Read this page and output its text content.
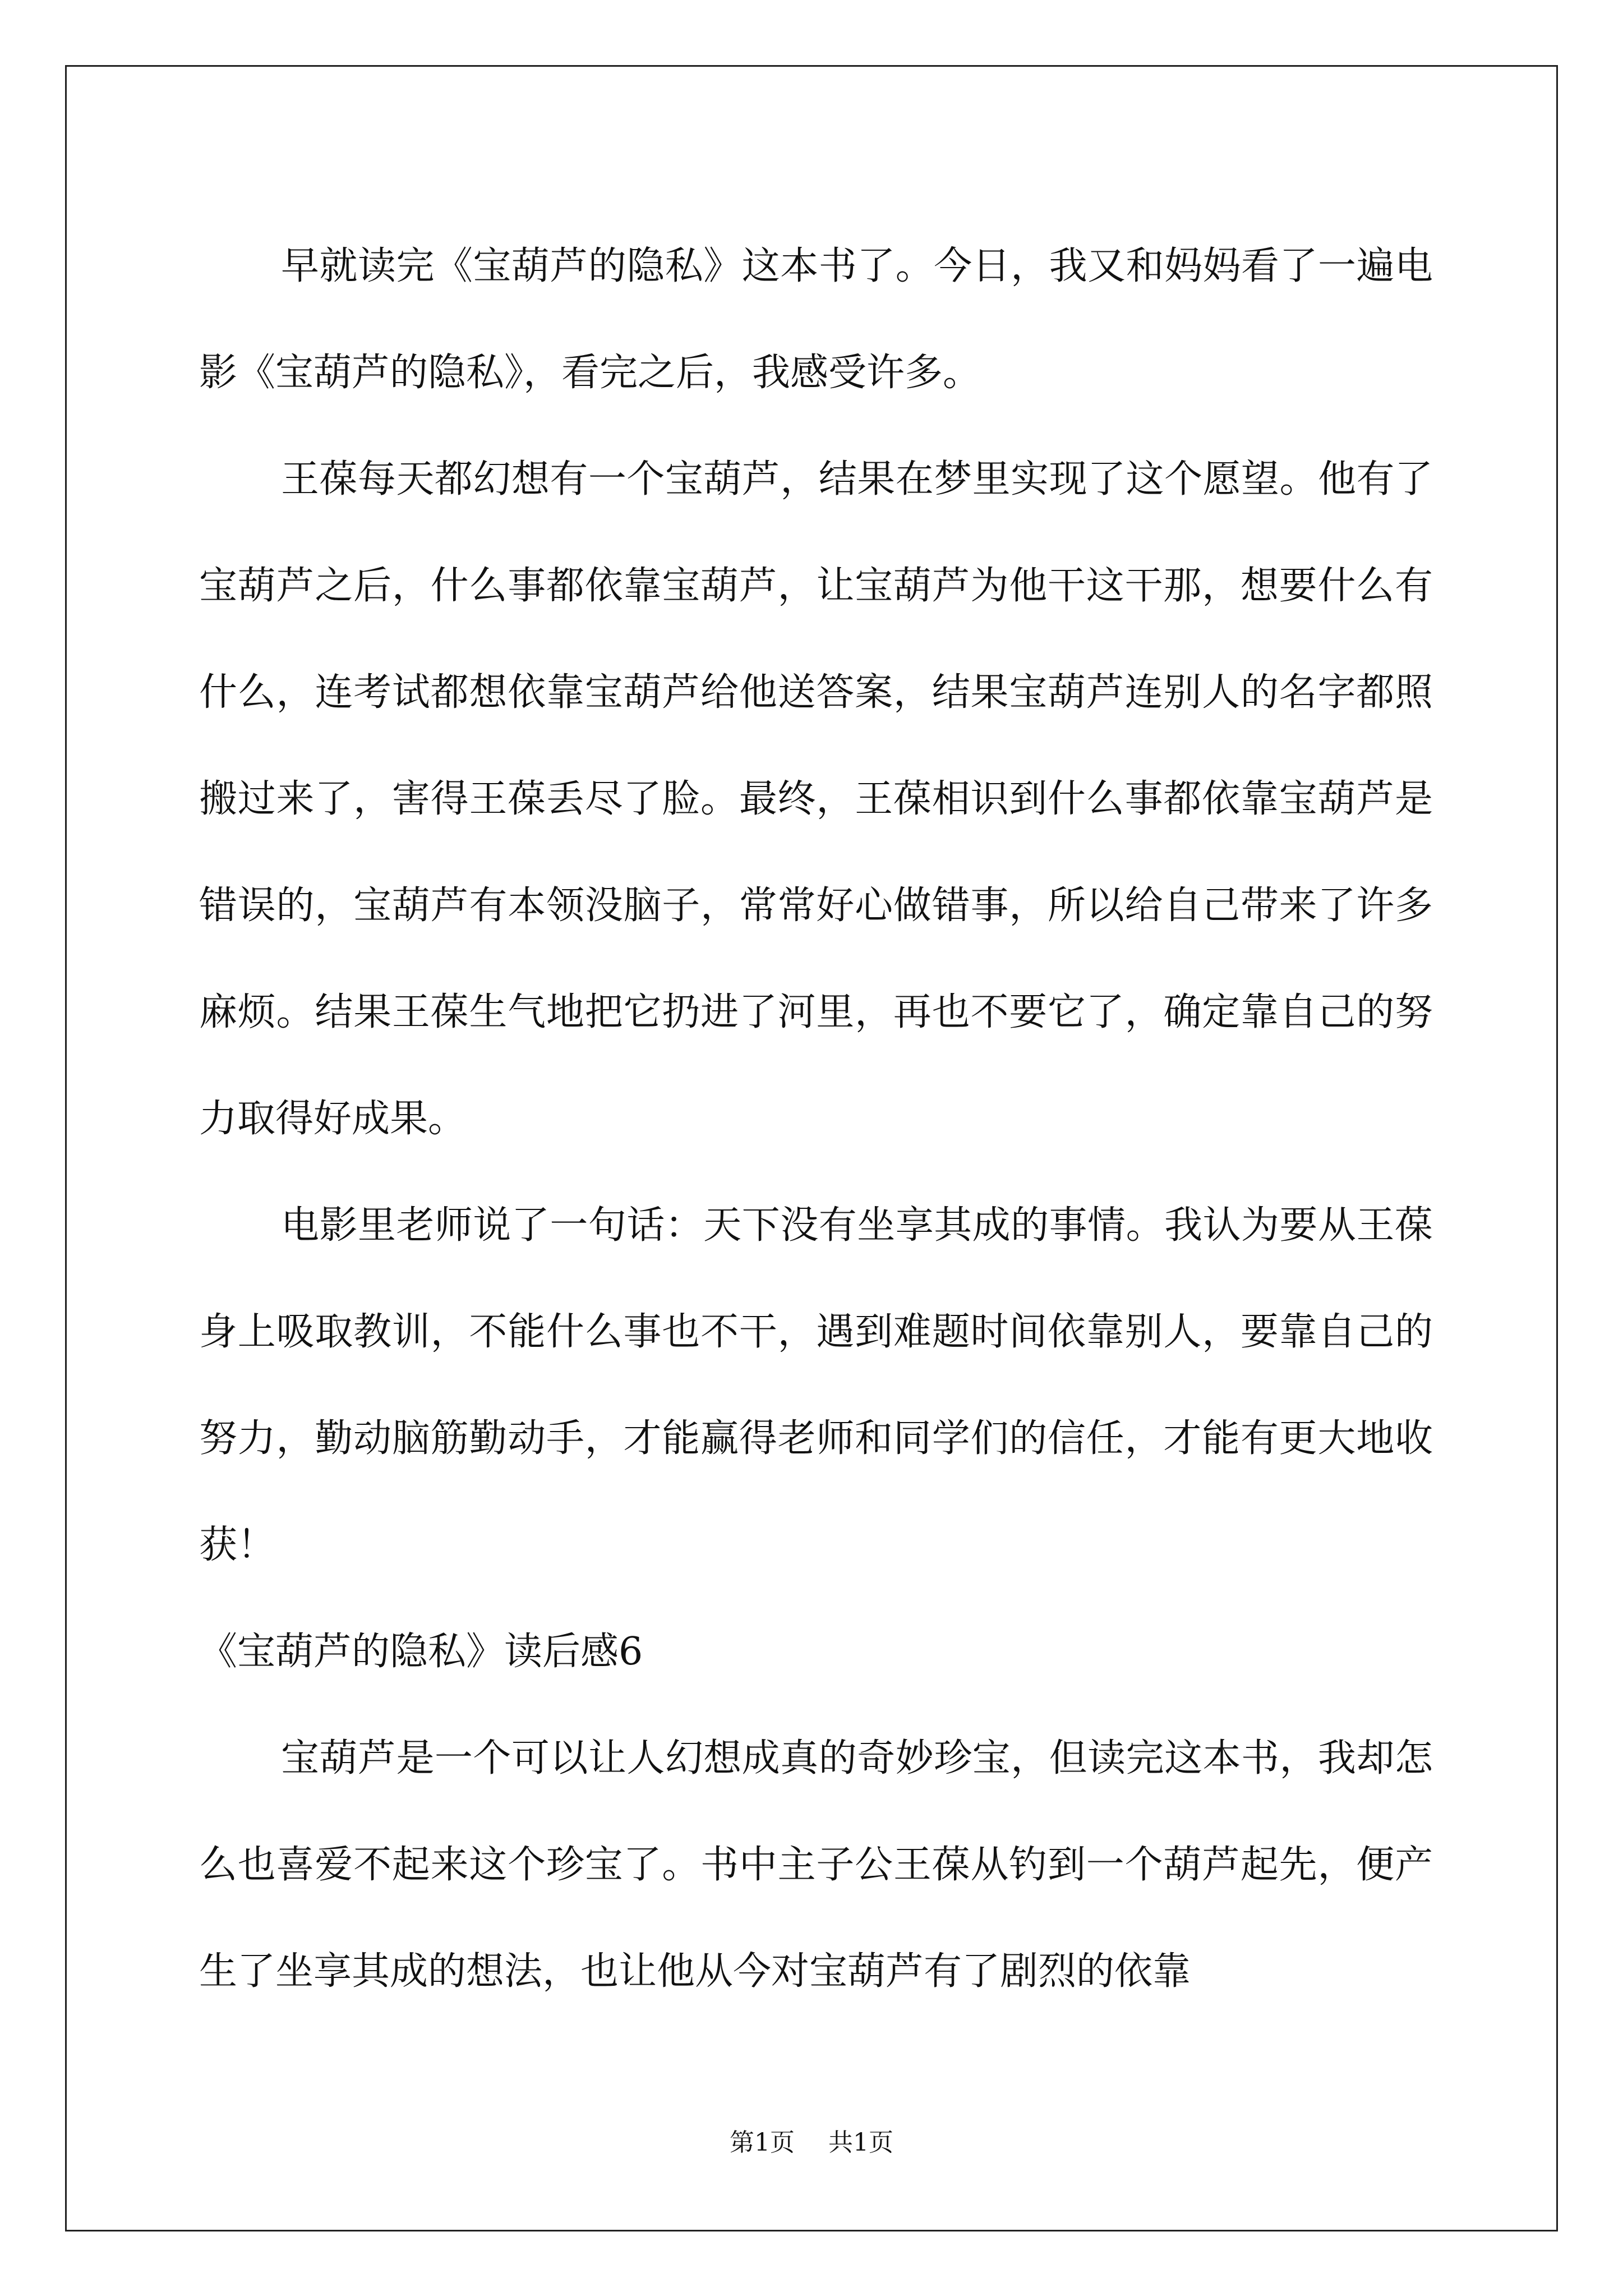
早就读完《宝葫芦的隐私》这本书了。今日，我又和妈妈看了一遍电影《宝葫芦的隐私》，看完之后，我感受许多。

王葆每天都幻想有一个宝葫芦，结果在梦里实现了这个愿望。他有了宝葫芦之后，什么事都依靠宝葫芦，让宝葫芦为他干这干那，想要什么有什么，连考试都想依靠宝葫芦给他送答案，结果宝葫芦连别人的名字都照搬过来了，害得王葆丢尽了脸。最终，王葆相识到什么事都依靠宝葫芦是错误的，宝葫芦有本领没脑子，常常好心做错事，所以给自己带来了许多麻烦。结果王葆生气地把它扔进了河里，再也不要它了，确定靠自己的努力取得好成果。

电影里老师说了一句话：天下没有坐享其成的事情。我认为要从王葆身上吸取教训，不能什么事也不干，遇到难题时间依靠别人，要靠自己的努力，勤动脑筋勤动手，才能赢得老师和同学们的信任，才能有更大地收获！

《宝葫芦的隐私》读后感6

宝葫芦是一个可以让人幻想成真的奇妙珍宝，但读完这本书，我却怎么也喜爱不起来这个珍宝了。书中主子公王葆从钓到一个葫芦起先，便产生了坐享其成的想法，也让他从今对宝葫芦有了剧烈的依靠

第1页 共1页
